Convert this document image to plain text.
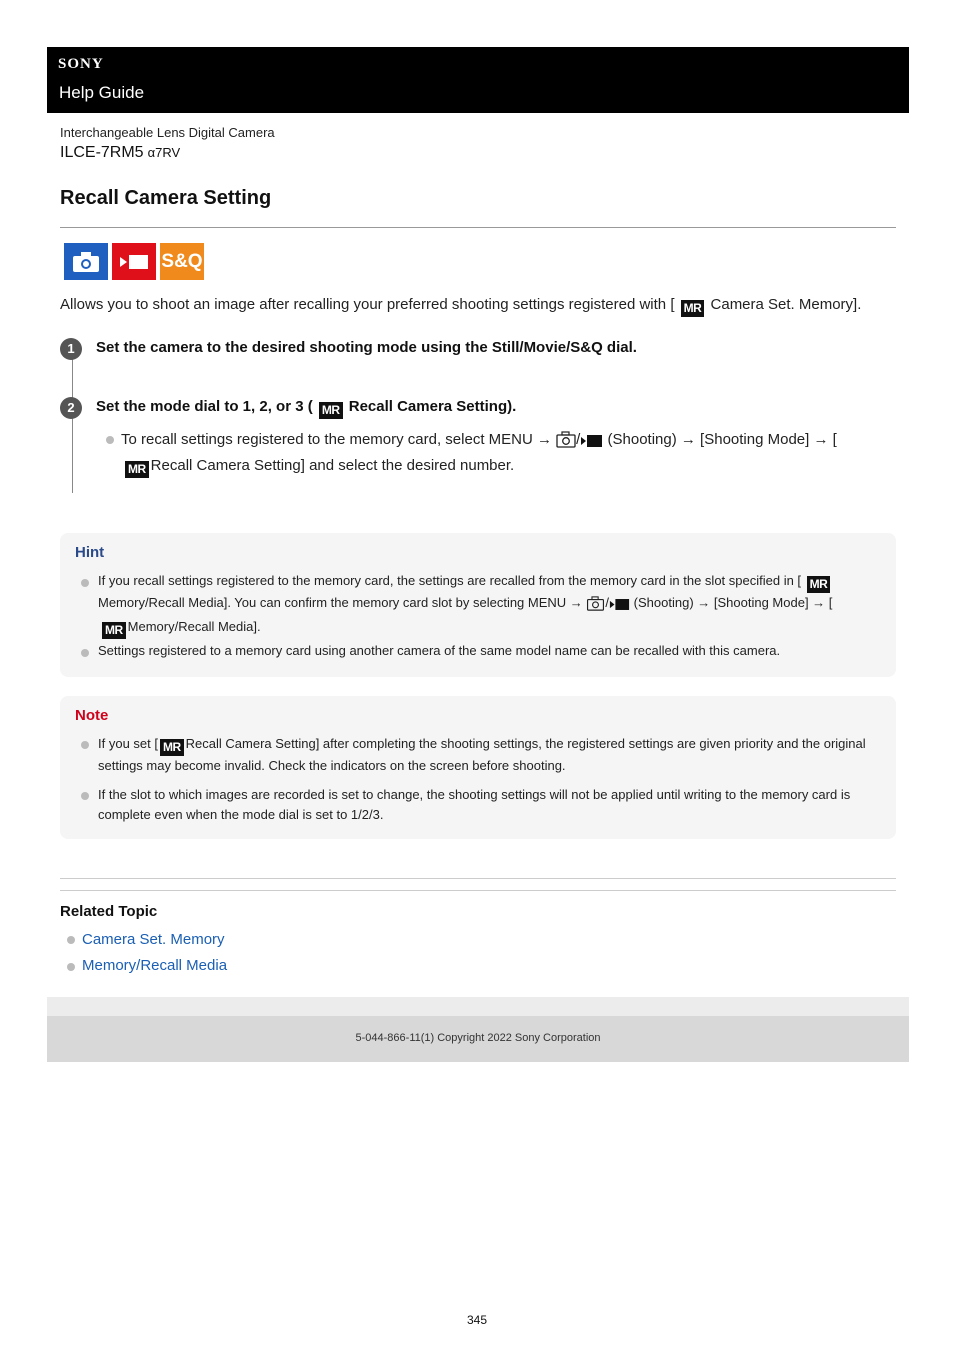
SONY
Help Guide
Interchangeable Lens Digital Camera
ILCE-7RM5 α7RV
Recall Camera Setting
S&Q
Allows you to shoot an image after recalling your preferred shooting settings registered with [ MR Camera Set. Memory].
1	Set the camera to the desired shooting mode using the Still/Movie/S&Q dial.
2	Set the mode dial to 1, 2, or 3 ( MR Recall Camera Setting).
To recall settings registered to the memory card, select MENU → / (Shooting) → [Shooting Mode] → [
MR Recall Camera Setting] and select the desired number.
Hint
If you recall settings registered to the memory card, the settings are recalled from the memory card in the slot specified in [ MR
Memory/Recall Media]. You can confirm the memory card slot by selecting MENU → / (Shooting) → [Shooting Mode] → [
MR Memory/Recall Media].
Settings registered to a memory card using another camera of the same model name can be recalled with this camera.
Note
If you set [ MR Recall Camera Setting] after completing the shooting settings, the registered settings are given priority and the original settings may become invalid. Check the indicators on the screen before shooting.
If the slot to which images are recorded is set to change, the shooting settings will not be applied until writing to the memory card is complete even when the mode dial is set to 1/2/3.
Related Topic
Camera Set. Memory
Memory/Recall Media
5-044-866-11(1) Copyright 2022 Sony Corporation
345
